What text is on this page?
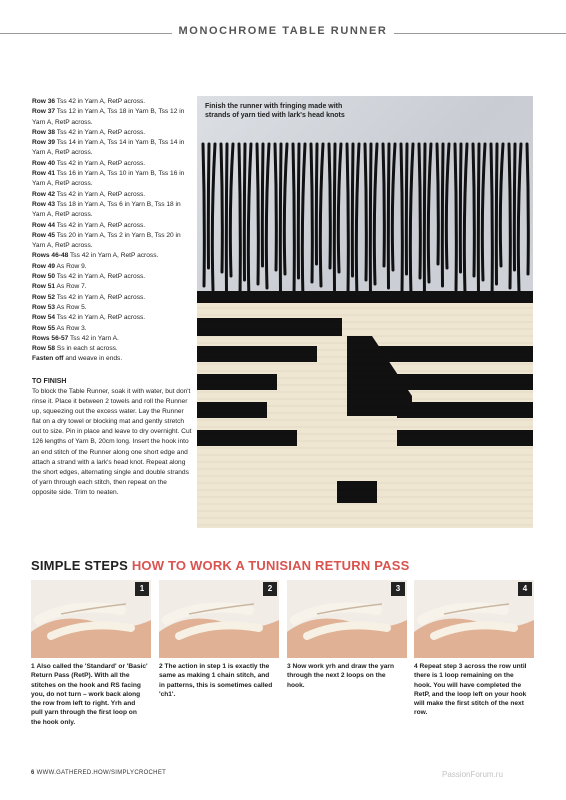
MONOCHROME TABLE RUNNER
Row 36 Tss 42 in Yarn A, RetP across.
Row 37 Tss 12 in Yarn A, Tss 18 in Yarn B, Tss 12 in Yarn A, RetP across.
Row 38 Tss 42 in Yarn A, RetP across.
Row 39 Tss 14 in Yarn A, Tss 14 in Yarn B, Tss 14 in Yarn A, RetP across.
Row 40 Tss 42 in Yarn A, RetP across.
Row 41 Tss 16 in Yarn A, Tss 10 in Yarn B, Tss 16 in Yarn A, RetP across.
Row 42 Tss 42 in Yarn A, RetP across.
Row 43 Tss 18 in Yarn A, Tss 6 in Yarn B, Tss 18 in Yarn A, RetP across.
Row 44 Tss 42 in Yarn A, RetP across.
Row 45 Tss 20 in Yarn A, Tss 2 in Yarn B, Tss 20 in Yarn A, RetP across.
Rows 46-48 Tss 42 in Yarn A, RetP across.
Row 49 As Row 9.
Row 50 Tss 42 in Yarn A, RetP across.
Row 51 As Row 7.
Row 52 Tss 42 in Yarn A, RetP across.
Row 53 As Row 5.
Row 54 Tss 42 in Yarn A, RetP across.
Row 55 As Row 3.
Rows 56-57 Tss 42 in Yarn A.
Row 58 Ss in each st across.
Fasten off and weave in ends.
TO FINISH
To block the Table Runner, soak it with water, but don't rinse it. Place it between 2 towels and roll the Runner up, squeezing out the excess water. Lay the Runner flat on a dry towel or blocking mat and gently stretch out to size. Pin in place and leave to dry overnight. Cut 126 lengths of Yarn B, 20cm long. Insert the hook into an end stitch of the Runner along one short edge and attach a strand with a lark's head knot. Repeat along the short edges, alternating single and double strands of yarn through each stitch, then repeat on the opposite side. Trim to neaten.
Finish the runner with fringing made with strands of yarn tied with lark's head knots
SIMPLE STEPS HOW TO WORK A TUNISIAN RETURN PASS
1
1 Also called the 'Standard' or 'Basic' Return Pass (RetP). With all the stitches on the hook and RS facing you, do not turn – work back along the row from left to right. Yrh and pull yarn through the first loop on the hook only.
2
2 The action in step 1 is exactly the same as making 1 chain stitch, and in patterns, this is sometimes called 'ch1'.
3
3 Now work yrh and draw the yarn through the next 2 loops on the hook.
4
4 Repeat step 3 across the row until there is 1 loop remaining on the hook. You will have completed the RetP, and the loop left on your hook will make the first stitch of the next row.
6 WWW.GATHERED.HOW/SIMPLYCROCHET	PassionForum.ru
